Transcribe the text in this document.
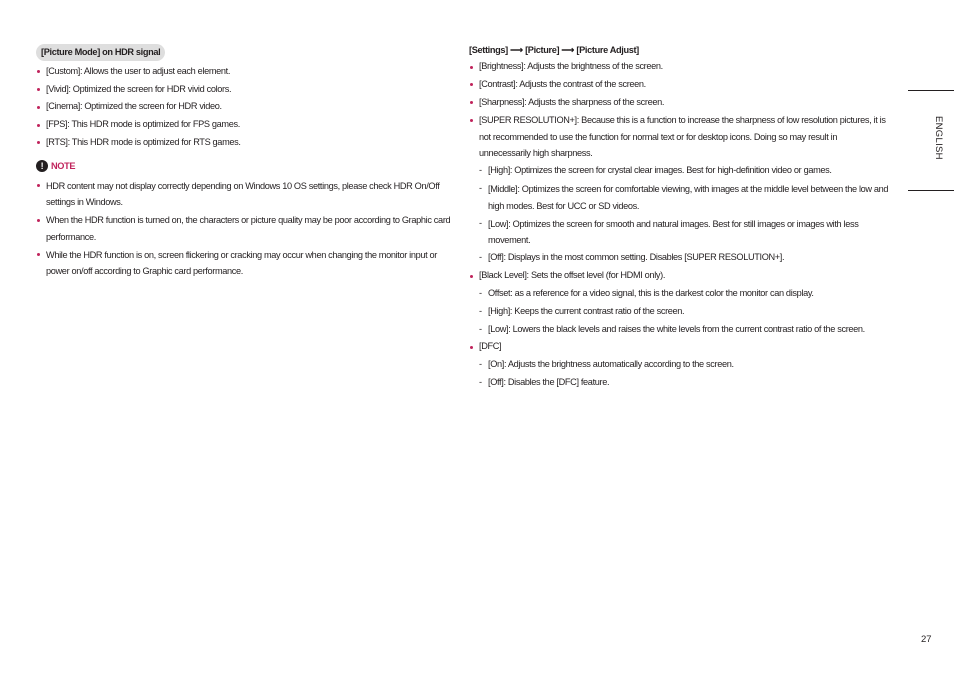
[Picture Mode] on HDR signal
[Custom]: Allows the user to adjust each element.
[Vivid]: Optimized the screen for HDR vivid colors.
[Cinema]: Optimized the screen for HDR video.
[FPS]: This HDR mode is optimized for FPS games.
[RTS]: This HDR mode is optimized for RTS games.
! NOTE
HDR content may not display correctly depending on Windows 10 OS settings, please check HDR On/Off settings in Windows.
When the HDR function is turned on, the characters or picture quality may be poor according to Graphic card performance.
While the HDR function is on, screen flickering or cracking may occur when changing the monitor input or power on/off according to Graphic card performance.
[Settings] ⟶ [Picture] ⟶ [Picture Adjust]
[Brightness]: Adjusts the brightness of the screen.
[Contrast]: Adjusts the contrast of the screen.
[Sharpness]: Adjusts the sharpness of the screen.
[SUPER RESOLUTION+]: Because this is a function to increase the sharpness of low resolution pictures, it is not recommended to use the function for normal text or for desktop icons. Doing so may result in unnecessarily high sharpness.
- [High]: Optimizes the screen for crystal clear images. Best for high-definition video or games.
- [Middle]: Optimizes the screen for comfortable viewing, with images at the middle level between the low and high modes. Best for UCC or SD videos.
- [Low]: Optimizes the screen for smooth and natural images. Best for still images or images with less movement.
- [Off]: Displays in the most common setting. Disables [SUPER RESOLUTION+].
[Black Level]: Sets the offset level (for HDMI only).
- Offset: as a reference for a video signal, this is the darkest color the monitor can display.
- [High]: Keeps the current contrast ratio of the screen.
- [Low]: Lowers the black levels and raises the white levels from the current contrast ratio of the screen.
[DFC]
- [On]: Adjusts the brightness automatically according to the screen.
- [Off]: Disables the [DFC] feature.
ENGLISH
27
